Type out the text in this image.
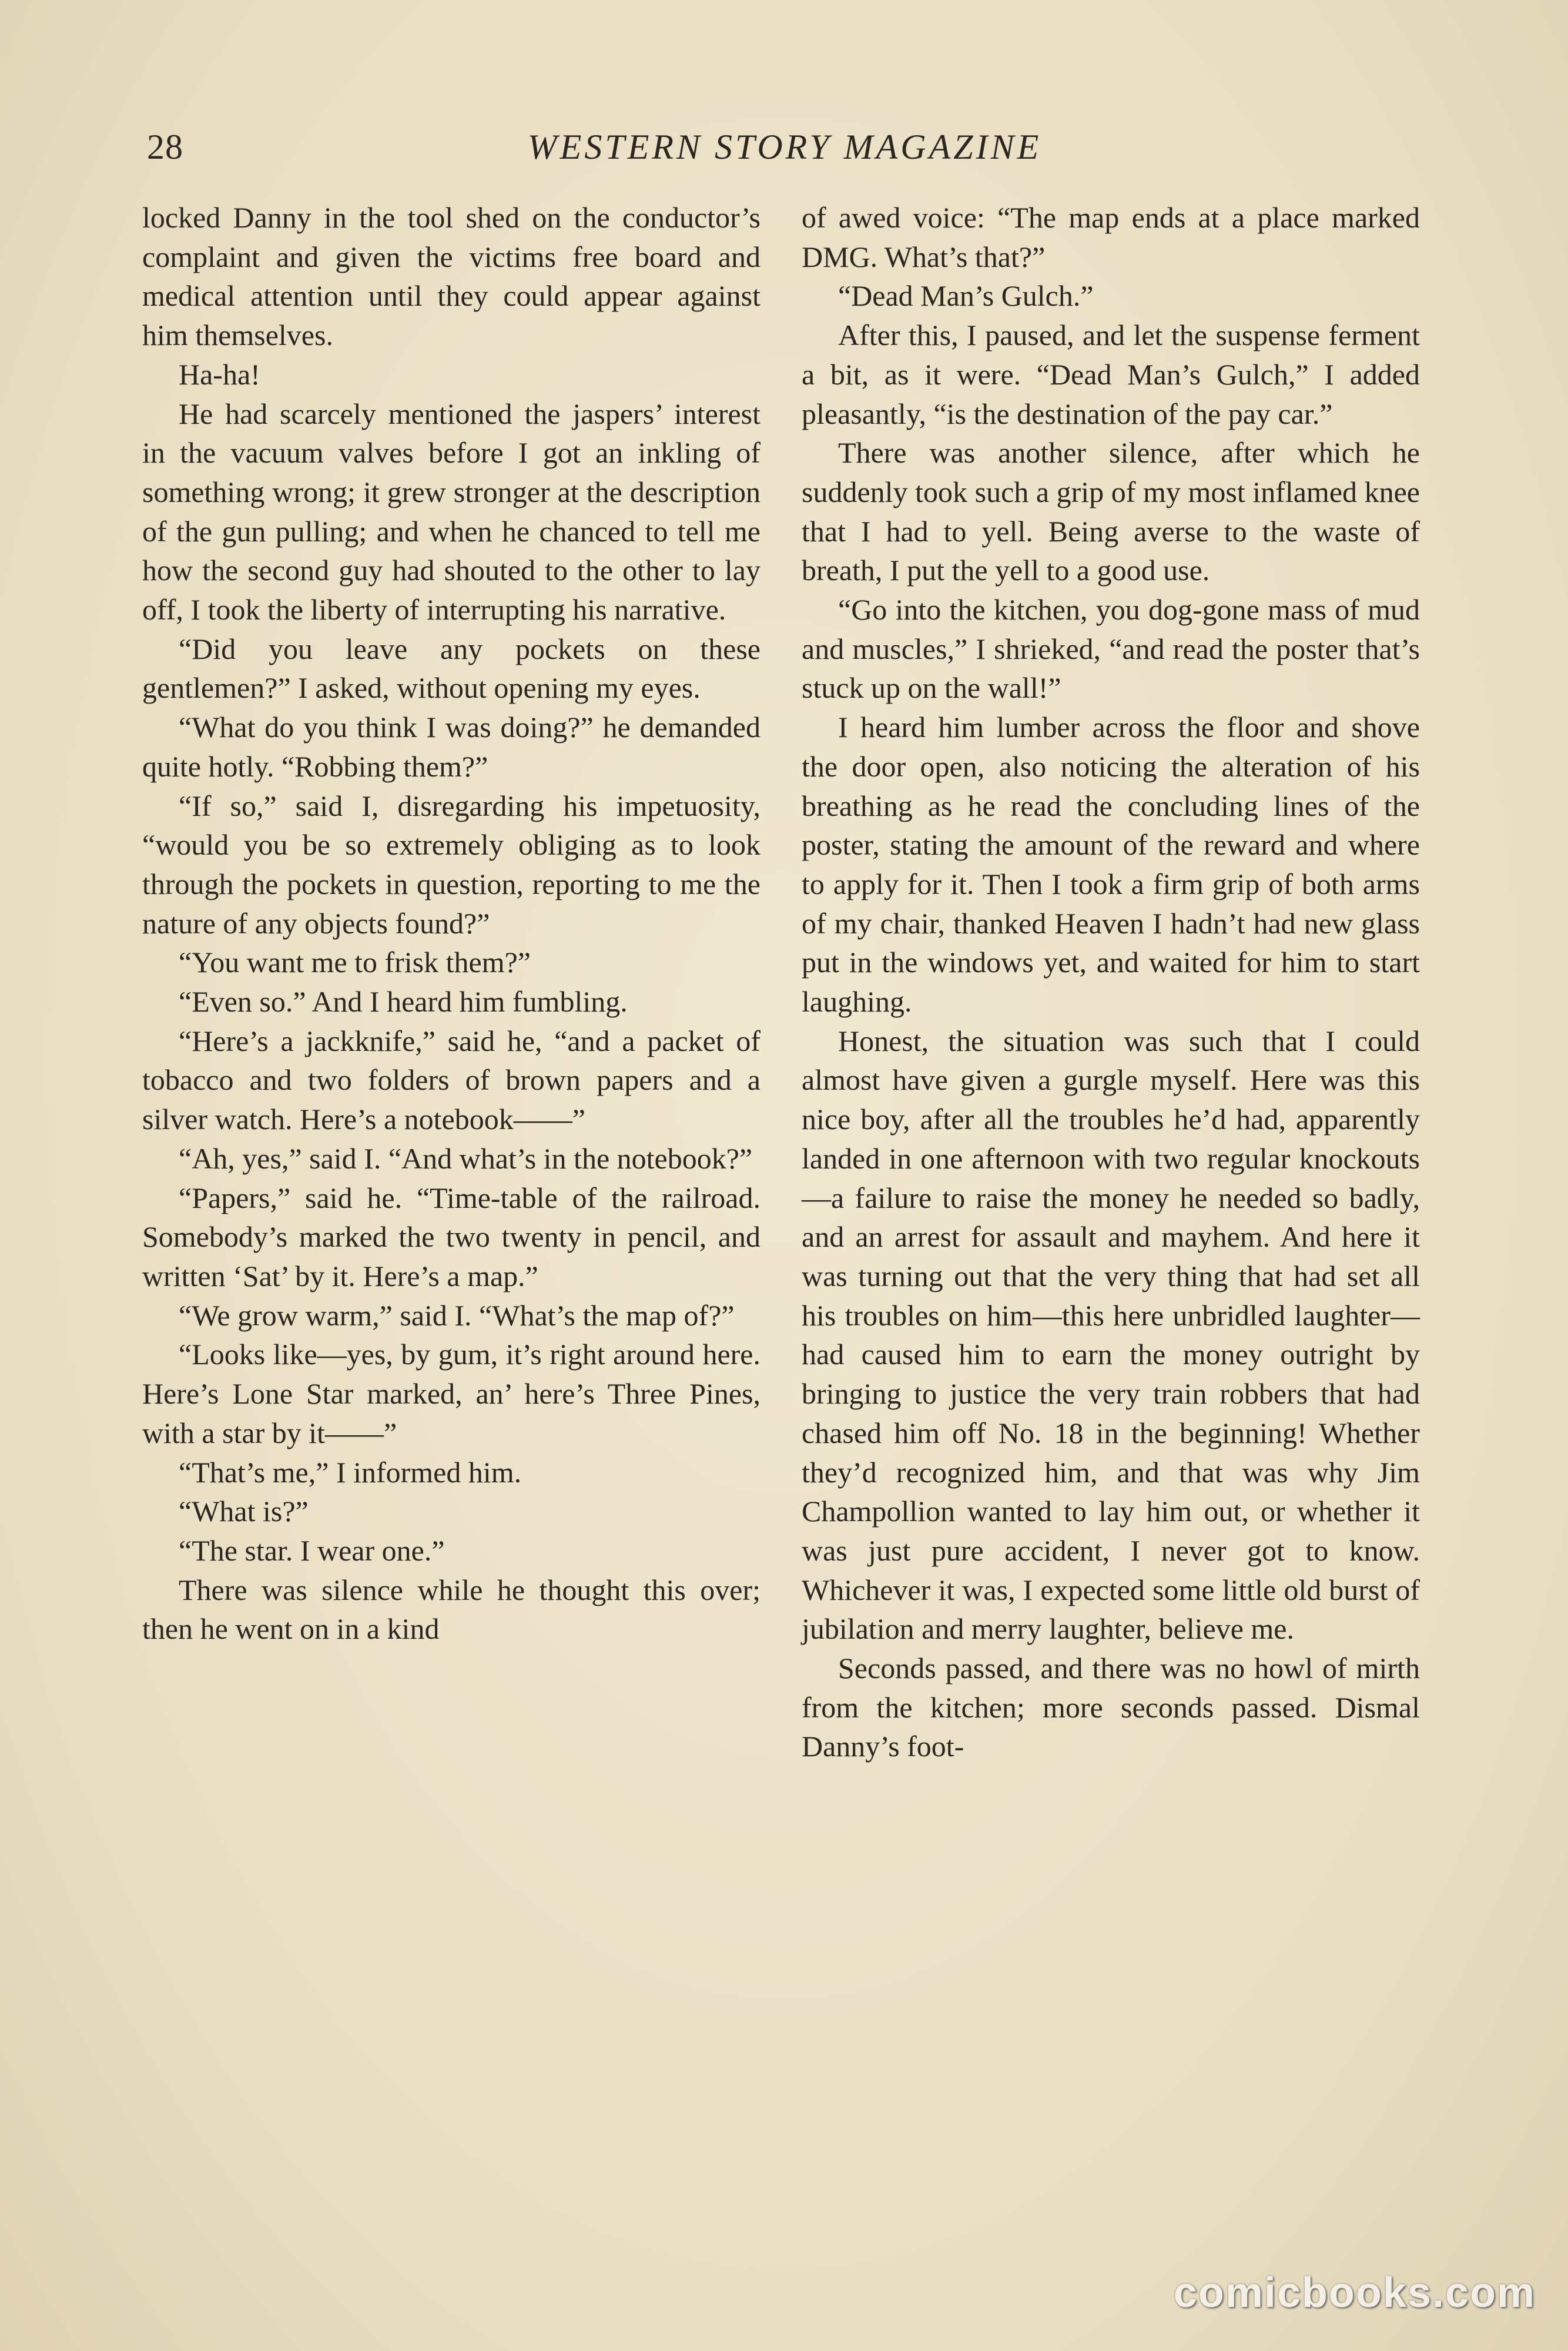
28	WESTERN STORY MAGAZINE

locked Danny in the tool shed on the conductor’s complaint and given the victims free board and medical attention until they could appear against him themselves.

Ha-ha!

He had scarcely mentioned the jaspers’ interest in the vacuum valves before I got an inkling of something wrong; it grew stronger at the description of the gun pulling; and when he chanced to tell me how the second guy had shouted to the other to lay off, I took the liberty of interrupting his narrative.

“Did you leave any pockets on these gentlemen?” I asked, without opening my eyes.

“What do you think I was doing?” he demanded quite hotly. “Robbing them?”

“If so,” said I, disregarding his impetuosity, “would you be so extremely obliging as to look through the pockets in question, reporting to me the nature of any objects found?”

“You want me to frisk them?”

“Even so.” And I heard him fumbling.

“Here’s a jackknife,” said he, “and a packet of tobacco and two folders of brown papers and a silver watch. Here’s a notebook——”

“Ah, yes,” said I. “And what’s in the notebook?”

“Papers,” said he. “Time-table of the railroad. Somebody’s marked the two twenty in pencil, and written ‘Sat’ by it. Here’s a map.”

“We grow warm,” said I. “What’s the map of?”

“Looks like—yes, by gum, it’s right around here. Here’s Lone Star marked, an’ here’s Three Pines, with a star by it——”

“That’s me,” I informed him.

“What is?”

“The star. I wear one.”

There was silence while he thought this over; then he went on in a kind

of awed voice: “The map ends at a place marked DMG. What’s that?”

“Dead Man’s Gulch.”

After this, I paused, and let the suspense ferment a bit, as it were. “Dead Man’s Gulch,” I added pleasantly, “is the destination of the pay car.”

There was another silence, after which he suddenly took such a grip of my most inflamed knee that I had to yell. Being averse to the waste of breath, I put the yell to a good use.

“Go into the kitchen, you dog-gone mass of mud and muscles,” I shrieked, “and read the poster that’s stuck up on the wall!”

I heard him lumber across the floor and shove the door open, also noticing the alteration of his breathing as he read the concluding lines of the poster, stating the amount of the reward and where to apply for it. Then I took a firm grip of both arms of my chair, thanked Heaven I hadn’t had new glass put in the windows yet, and waited for him to start laughing.

Honest, the situation was such that I could almost have given a gurgle myself. Here was this nice boy, after all the troubles he’d had, apparently landed in one afternoon with two regular knockouts—a failure to raise the money he needed so badly, and an arrest for assault and mayhem. And here it was turning out that the very thing that had set all his troubles on him—this here unbridled laughter—had caused him to earn the money outright by bringing to justice the very train robbers that had chased him off No. 18 in the beginning! Whether they’d recognized him, and that was why Jim Champollion wanted to lay him out, or whether it was just pure accident, I never got to know. Whichever it was, I expected some little old burst of jubilation and merry laughter, believe me.

Seconds passed, and there was no howl of mirth from the kitchen; more seconds passed. Dismal Danny’s foot-

comicbooks.com
